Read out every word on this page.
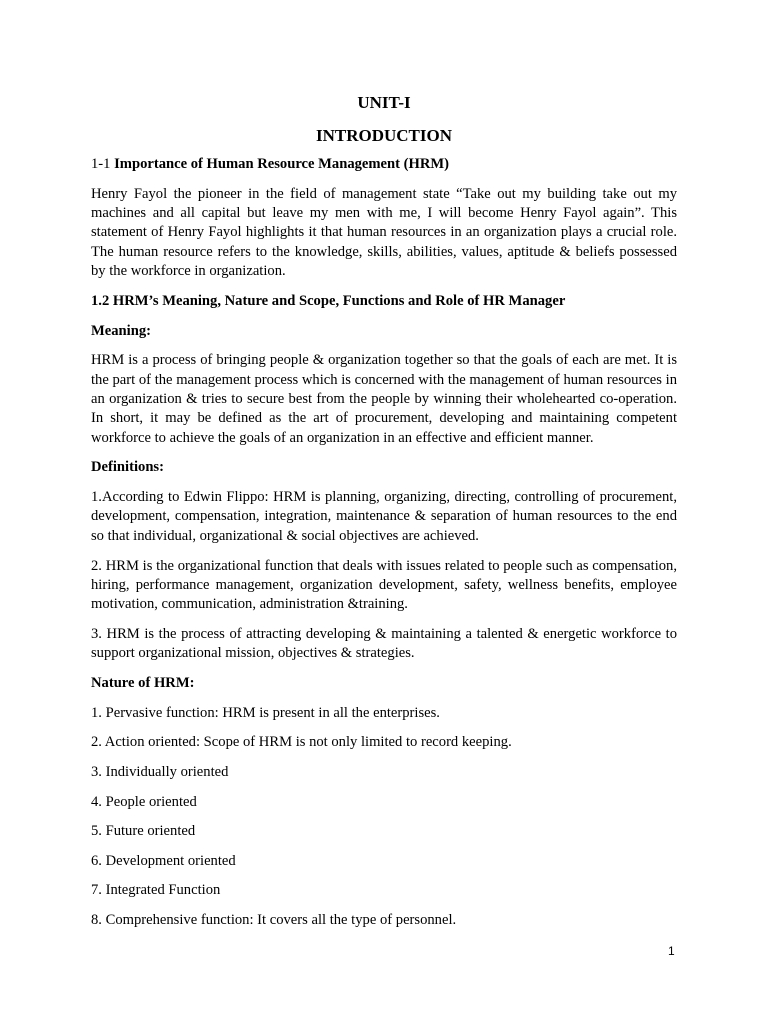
UNIT-I
INTRODUCTION

1-1 Importance of Human Resource Management (HRM)

Henry Fayol the pioneer in the field of management state “Take out my building take out my machines and all capital but leave my men with me, I will become Henry Fayol again”. This statement of Henry Fayol highlights it that human resources in an organization plays a crucial role. The human resource refers to the knowledge, skills, abilities, values, aptitude & beliefs possessed by the workforce in organization.

1.2 HRM’s Meaning, Nature and Scope, Functions and Role of HR Manager

Meaning:

HRM is a process of bringing people & organization together so that the goals of each are met. It is the part of the management process which is concerned with the management of human resources in an organization & tries to secure best from the people by winning their wholehearted co-operation. In short, it may be defined as the art of procurement, developing and maintaining competent workforce to achieve the goals of an organization in an effective and efficient manner.

Definitions:

1.According to Edwin Flippo: HRM is planning, organizing, directing, controlling of procurement, development, compensation, integration, maintenance & separation of human resources to the end so that individual, organizational & social objectives are achieved.

2. HRM is the organizational function that deals with issues related to people such as compensation, hiring, performance management, organization development, safety, wellness benefits, employee motivation, communication, administration &training.

3. HRM is the process of attracting developing & maintaining a talented & energetic workforce to support organizational mission, objectives & strategies.

Nature of HRM:

1. Pervasive function: HRM is present in all the enterprises.
2. Action oriented: Scope of HRM is not only limited to record keeping.
3. Individually oriented
4. People oriented
5. Future oriented
6. Development oriented
7. Integrated Function
8. Comprehensive function: It covers all the type of personnel.
1
